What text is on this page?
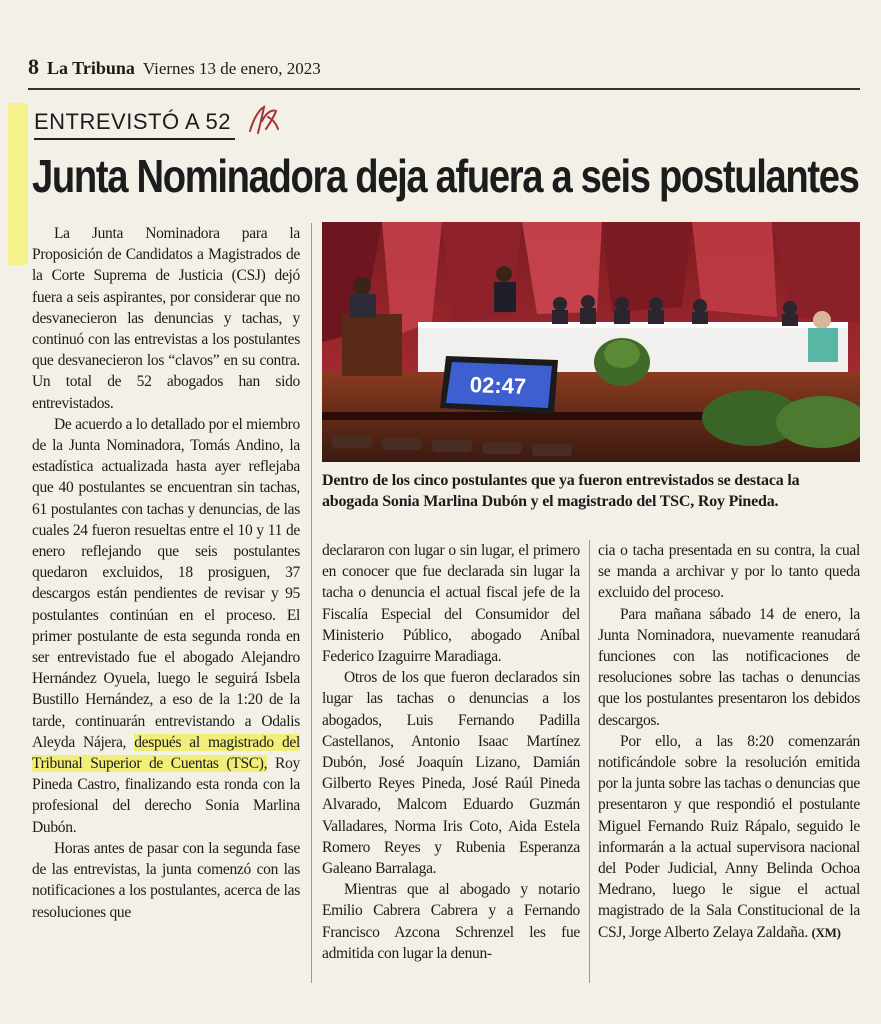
8 La Tribuna Viernes 13 de enero, 2023
ENTREVISTÓ A 52
Junta Nominadora deja afuera a seis postulantes

La Junta Nominadora para la Proposición de Candidatos a Magistrados de la Corte Suprema de Justicia (CSJ) dejó fuera a seis aspirantes, por considerar que no desvanecieron las denuncias y tachas, y continuó con las entrevistas a los postulantes que desvanecieron los “clavos” en su contra. Un total de 52 abogados han sido entrevistados.

De acuerdo a lo detallado por el miembro de la Junta Nominadora, Tomás Andino, la estadística actualizada hasta ayer reflejaba que 40 postulantes se encuentran sin tachas, 61 postulantes con tachas y denuncias, de las cuales 24 fueron resueltas entre el 10 y 11 de enero reflejando que seis postulantes quedaron excluidos, 18 prosiguen, 37 descargos están pendientes de revisar y 95 postulantes continúan en el proceso. El primer postulante de esta segunda ronda en ser entrevistado fue el abogado Alejandro Hernández Oyuela, luego le seguirá Isbela Bustillo Hernández, a eso de la 1:20 de la tarde, continuarán entrevistando a Odalis Aleyda Nájera, después al magistrado del Tribunal Superior de Cuentas (TSC), Roy Pineda Castro, finalizando esta ronda con la profesional del derecho Sonia Marlina Dubón.

Horas antes de pasar con la segunda fase de las entrevistas, la junta comenzó con las notificaciones a los postulantes, acerca de las resoluciones que

02:47
Dentro de los cinco postulantes que ya fueron entrevistados se destaca la abogada Sonia Marlina Dubón y el magistrado del TSC, Roy Pineda.

declararon con lugar o sin lugar, el primero en conocer que fue declarada sin lugar la tacha o denuncia el actual fiscal jefe de la Fiscalía Especial del Consumidor del Ministerio Público, abogado Aníbal Federico Izaguirre Maradiaga.

Otros de los que fueron declarados sin lugar las tachas o denuncias a los abogados, Luis Fernando Padilla Castellanos, Antonio Isaac Martínez Dubón, José Joaquín Lizano, Damián Gilberto Reyes Pineda, José Raúl Pineda Alvarado, Malcom Eduardo Guzmán Valladares, Norma Iris Coto, Aida Estela Romero Reyes y Rubenia Esperanza Galeano Barralaga.

Mientras que al abogado y notario Emilio Cabrera Cabrera y a Fernando Francisco Azcona Schrenzel les fue admitida con lugar la denun-

cia o tacha presentada en su contra, la cual se manda a archivar y por lo tanto queda excluido del proceso.

Para mañana sábado 14 de enero, la Junta Nominadora, nuevamente reanudará funciones con las notificaciones de resoluciones sobre las tachas o denuncias que los postulantes presentaron los debidos descargos.

Por ello, a las 8:20 comenzarán notificándole sobre la resolución emitida por la junta sobre las tachas o denuncias que presentaron y que respondió el postulante Miguel Fernando Ruiz Rápalo, seguido le informarán a la actual supervisora nacional del Poder Judicial, Anny Belinda Ochoa Medrano, luego le sigue el actual magistrado de la Sala Constitucional de la CSJ, Jorge Alberto Zelaya Zaldaña. (XM)
